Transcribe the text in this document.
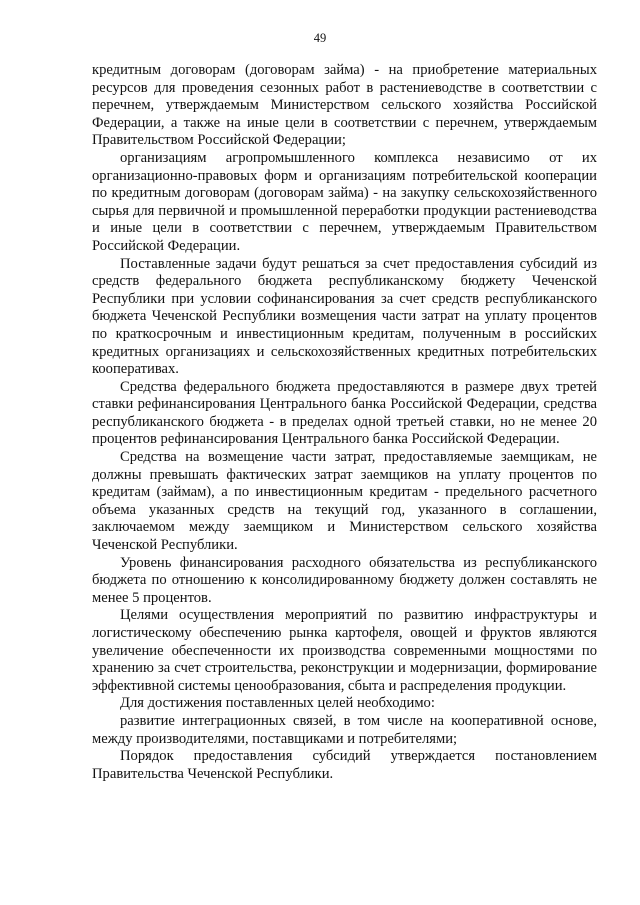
49

кредитным договорам (договорам займа) - на приобретение материальных ресурсов для проведения сезонных работ в растениеводстве в соответствии с перечнем, утверждаемым Министерством сельского хозяйства Российской Федерации, а также на иные цели в соответствии с перечнем, утверждаемым Правительством Российской Федерации;

организациям агропромышленного комплекса независимо от их организационно-правовых форм и организациям потребительской кооперации по кредитным договорам (договорам займа) - на закупку сельскохозяйственного сырья для первичной и промышленной переработки продукции растениеводства и иные цели в соответствии с перечнем, утверждаемым Правительством Российской Федерации.

Поставленные задачи будут решаться за счет предоставления субсидий из средств федерального бюджета республиканскому бюджету Чеченской Республики при условии софинансирования за счет средств республиканского бюджета Чеченской Республики возмещения части затрат на уплату процентов по краткосрочным и инвестиционным кредитам, полученным в российских кредитных организациях и сельскохозяйственных кредитных потребительских кооперативах.

Средства федерального бюджета предоставляются в размере двух третей ставки рефинансирования Центрального банка Российской Федерации, средства республиканского бюджета - в пределах одной третьей ставки, но не менее 20 процентов рефинансирования Центрального банка Российской Федерации.

Средства на возмещение части затрат, предоставляемые заемщикам, не должны превышать фактических затрат заемщиков на уплату процентов по кредитам (займам), а по инвестиционным кредитам - предельного расчетного объема указанных средств на текущий год, указанного в соглашении, заключаемом между заемщиком и Министерством сельского хозяйства Чеченской Республики.

Уровень финансирования расходного обязательства из республиканского бюджета по отношению к консолидированному бюджету должен составлять не менее 5 процентов.

Целями осуществления мероприятий по развитию инфраструктуры и логистическому обеспечению рынка картофеля, овощей и фруктов являются увеличение обеспеченности их производства современными мощностями по хранению за счет строительства, реконструкции и модернизации, формирование эффективной системы ценообразования, сбыта и распределения продукции.

Для достижения поставленных целей необходимо:

развитие интеграционных связей, в том числе на кооперативной основе, между производителями, поставщиками и потребителями;

Порядок предоставления субсидий утверждается постановлением Правительства Чеченской Республики.
